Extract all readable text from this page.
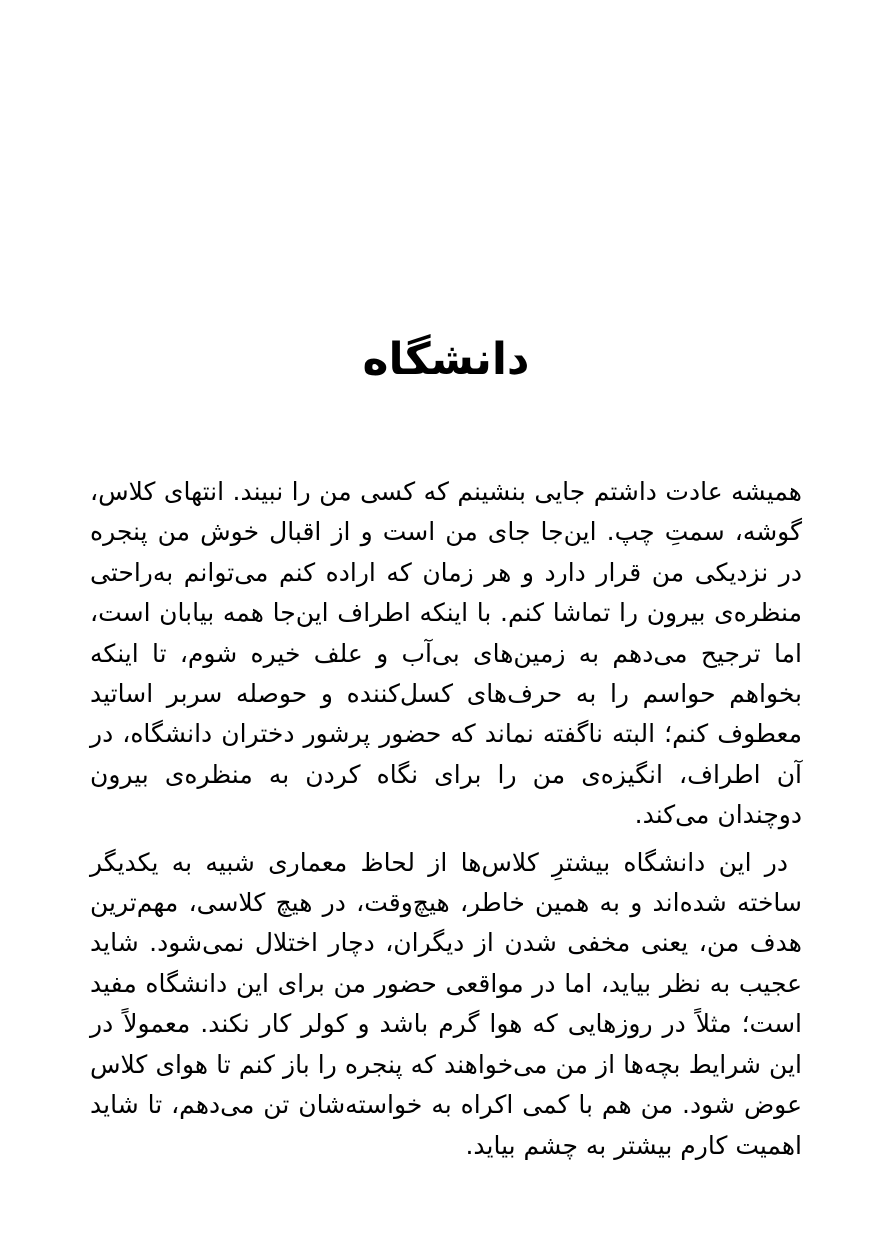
دانشگاه

همیشه عادت داشتم جایی بنشینم که کسی من را نبیند. انتهای کلاس، گوشه، سمتِ چپ. این‌جا جای من است و از اقبال خوش من پنجره در نزدیکی من قرار دارد و هر زمان که اراده کنم می‌توانم به‌راحتی منظره‌ی بیرون را تماشا کنم. با اینکه اطراف این‌جا همه بیابان است، اما ترجیح می‌دهم به زمین‌های بی‌آب و علف خیره شوم، تا اینکه بخواهم حواسم را به حرف‌های کسل‌کننده و حوصله سربر اساتید معطوف کنم؛ البته ناگفته نماند که حضور پرشور دختران دانشگاه، در آن اطراف، انگیزه‌ی من را برای نگاه کردن به منظره‌ی بیرون دوچندان می‌کند.

در این دانشگاه بیشترِ کلاس‌ها از لحاظ معماری شبیه به یکدیگر ساخته شده‌اند و به همین خاطر، هیچ‌وقت، در هیچ کلاسی، مهم‌ترین هدف من، یعنی مخفی شدن از دیگران، دچار اختلال نمی‌شود. شاید عجیب به نظر بیاید، اما در مواقعی حضور من برای این دانشگاه مفید است؛ مثلاً در روزهایی که هوا گرم باشد و کولر کار نکند. معمولاً در این شرایط بچه‌ها از من می‌خواهند که پنجره را باز کنم تا هوای کلاس عوض شود. من هم با کمی اکراه به خواسته‌شان تن می‌دهم، تا شاید اهمیت کارم بیشتر به چشم بیاید.
